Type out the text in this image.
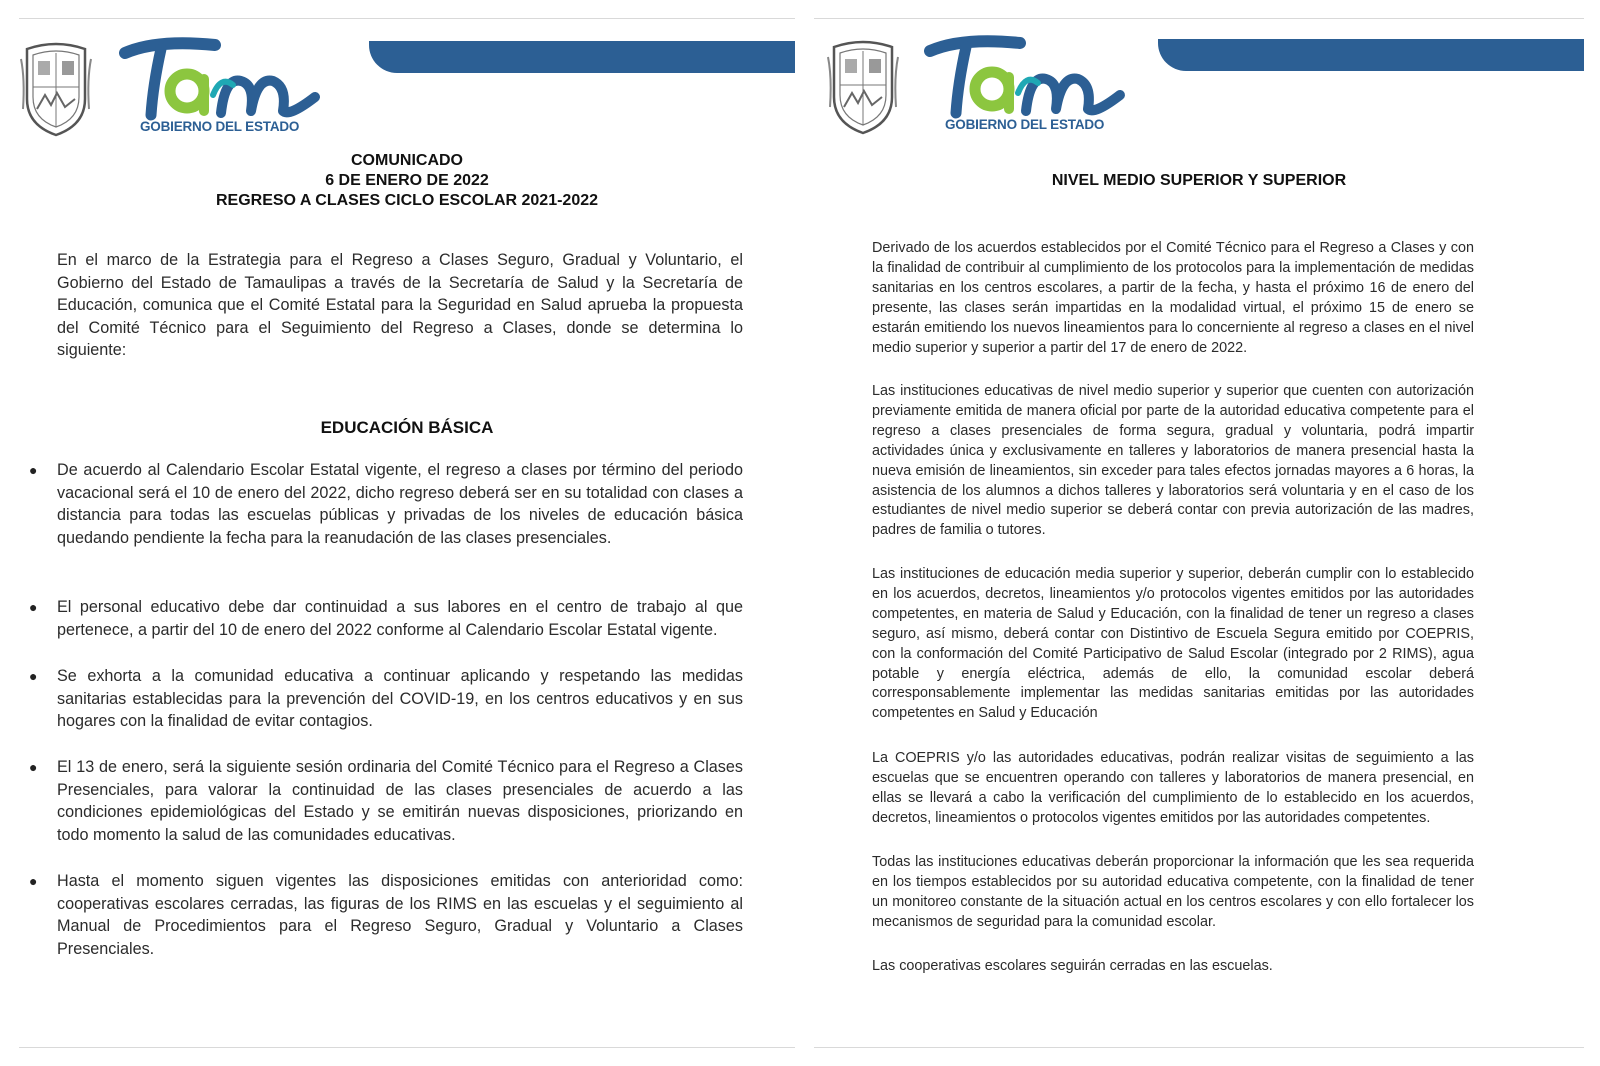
GOBIERNO DEL ESTADO
COMUNICADO
6 DE ENERO DE 2022
REGRESO A CLASES CICLO ESCOLAR 2021-2022

En el marco de la Estrategia para el Regreso a Clases Seguro, Gradual y Voluntario, el Gobierno del Estado de Tamaulipas a través de la Secretaría de Salud y la Secretaría de Educación, comunica que el Comité Estatal para la Seguridad en Salud aprueba la propuesta del Comité Técnico para el Seguimiento del Regreso a Clases, donde se determina lo siguiente:

EDUCACIÓN BÁSICA
● De acuerdo al Calendario Escolar Estatal vigente, el regreso a clases por término del periodo vacacional será el 10 de enero del 2022, dicho regreso deberá ser en su totalidad con clases a distancia para todas las escuelas públicas y privadas de los niveles de educación básica quedando pendiente la fecha para la reanudación de las clases presenciales.

● El personal educativo debe dar continuidad a sus labores en el centro de trabajo al que pertenece, a partir del 10 de enero del 2022 conforme al Calendario Escolar Estatal vigente.

● Se exhorta a la comunidad educativa a continuar aplicando y respetando las medidas sanitarias establecidas para la prevención del COVID-19, en los centros educativos y en sus hogares con la finalidad de evitar contagios.

● El 13 de enero, será la siguiente sesión ordinaria del Comité Técnico para el Regreso a Clases Presenciales, para valorar la continuidad de las clases presenciales de acuerdo a las condiciones epidemiológicas del Estado y se emitirán nuevas disposiciones, priorizando en todo momento la salud de las comunidades educativas.

● Hasta el momento siguen vigentes las disposiciones emitidas con anterioridad como: cooperativas escolares cerradas, las figuras de los RIMS en las escuelas y el seguimiento al Manual de Procedimientos para el Regreso Seguro, Gradual y Voluntario a Clases Presenciales.

GOBIERNO DEL ESTADO
NIVEL MEDIO SUPERIOR Y SUPERIOR

Derivado de los acuerdos establecidos por el Comité Técnico para el Regreso a Clases y con la finalidad de contribuir al cumplimiento de los protocolos para la implementación de medidas sanitarias en los centros escolares, a partir de la fecha, y hasta el próximo 16 de enero del presente, las clases serán impartidas en la modalidad virtual, el próximo 15 de enero se estarán emitiendo los nuevos lineamientos para lo concerniente al regreso a clases en el nivel medio superior y superior a partir del 17 de enero de 2022.

Las instituciones educativas de nivel medio superior y superior que cuenten con autorización previamente emitida de manera oficial por parte de la autoridad educativa competente para el regreso a clases presenciales de forma segura, gradual y voluntaria, podrá impartir actividades única y exclusivamente en talleres y laboratorios de manera presencial hasta la nueva emisión de lineamientos, sin exceder para tales efectos jornadas mayores a 6 horas, la asistencia de los alumnos a dichos talleres y laboratorios será voluntaria y en el caso de los estudiantes de nivel medio superior se deberá contar con previa autorización de las madres, padres de familia o tutores.

Las instituciones de educación media superior y superior, deberán cumplir con lo establecido en los acuerdos, decretos, lineamientos y/o protocolos vigentes emitidos por las autoridades competentes, en materia de Salud y Educación, con la finalidad de tener un regreso a clases seguro, así mismo, deberá contar con Distintivo de Escuela Segura emitido por COEPRIS, con la conformación del Comité Participativo de Salud Escolar (integrado por 2 RIMS), agua potable y energía eléctrica, además de ello, la comunidad escolar deberá corresponsablemente implementar las medidas sanitarias emitidas por las autoridades competentes en Salud y Educación

La COEPRIS y/o las autoridades educativas, podrán realizar visitas de seguimiento a las escuelas que se encuentren operando con talleres y laboratorios de manera presencial, en ellas se llevará a cabo la verificación del cumplimiento de lo establecido en los acuerdos, decretos, lineamientos o protocolos vigentes emitidos por las autoridades competentes.

Todas las instituciones educativas deberán proporcionar la información que les sea requerida en los tiempos establecidos por su autoridad educativa competente, con la finalidad de tener un monitoreo constante de la situación actual en los centros escolares y con ello fortalecer los mecanismos de seguridad para la comunidad escolar.

Las cooperativas escolares seguirán cerradas en las escuelas.
